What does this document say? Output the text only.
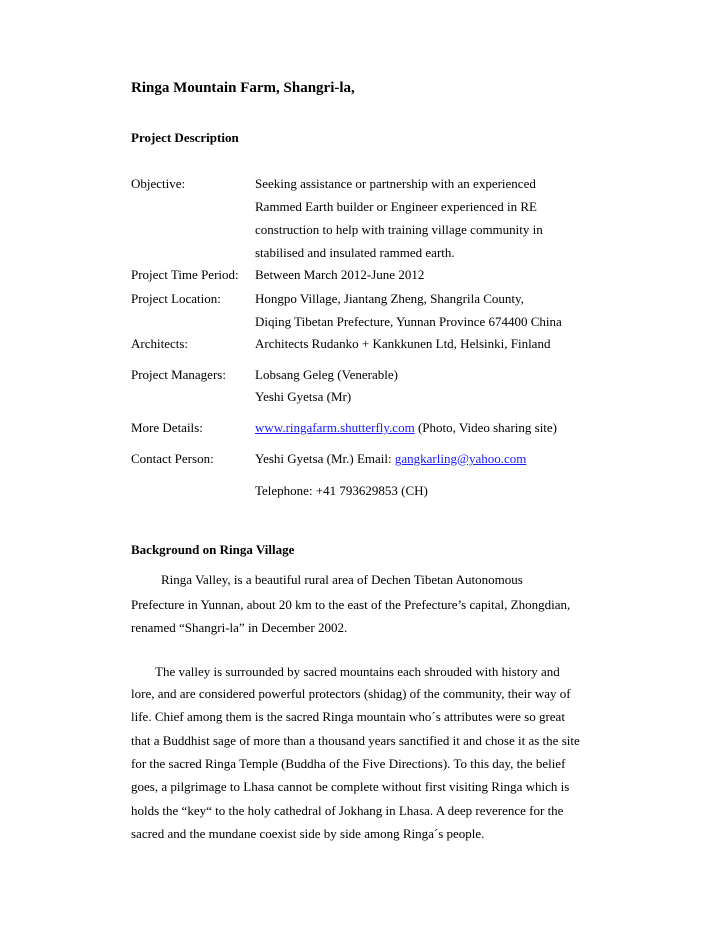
Ringa Mountain Farm, Shangri-la,
Project Description
Objective:	Seeking assistance or partnership with an experienced
Rammed Earth builder or Engineer experienced in RE
construction to help with training village community in
stabilised and insulated rammed earth.
Project Time Period: Between March 2012-June 2012
Project Location:	Hongpo Village, Jiantang Zheng, Shangrila County,
Diqing Tibetan Prefecture, Yunnan Province 674400 China
Architects:	Architects Rudanko + Kankkunen Ltd, Helsinki, Finland
Project Managers: Lobsang Geleg (Venerable)
Yeshi Gyetsa (Mr)
More Details:	www.ringafarm.shutterfly.com (Photo, Video sharing site)
Contact Person:	Yeshi Gyetsa (Mr.) Email: gangkarling@yahoo.com
Telephone: +41 793629853 (CH)
Background on Ringa Village
Ringa Valley, is a beautiful rural area of Dechen Tibetan Autonomous
Prefecture in Yunnan, about 20 km to the east of the Prefecture’s capital, Zhongdian,
renamed “Shangri-la” in December 2002.
The valley is surrounded by sacred mountains each shrouded with history and
lore, and are considered powerful protectors (shidag) of the community, their way of
life. Chief among them is the sacred Ringa mountain who´s attributes were so great
that a Buddhist sage of more than a thousand years sanctified it and chose it as the site
for the sacred Ringa Temple (Buddha of the Five Directions). To this day, the belief
goes, a pilgrimage to Lhasa cannot be complete without first visiting Ringa which is
holds the “key“ to the holy cathedral of Jokhang in Lhasa. A deep reverence for the
sacred and the mundane coexist side by side among Ringa´s people.
